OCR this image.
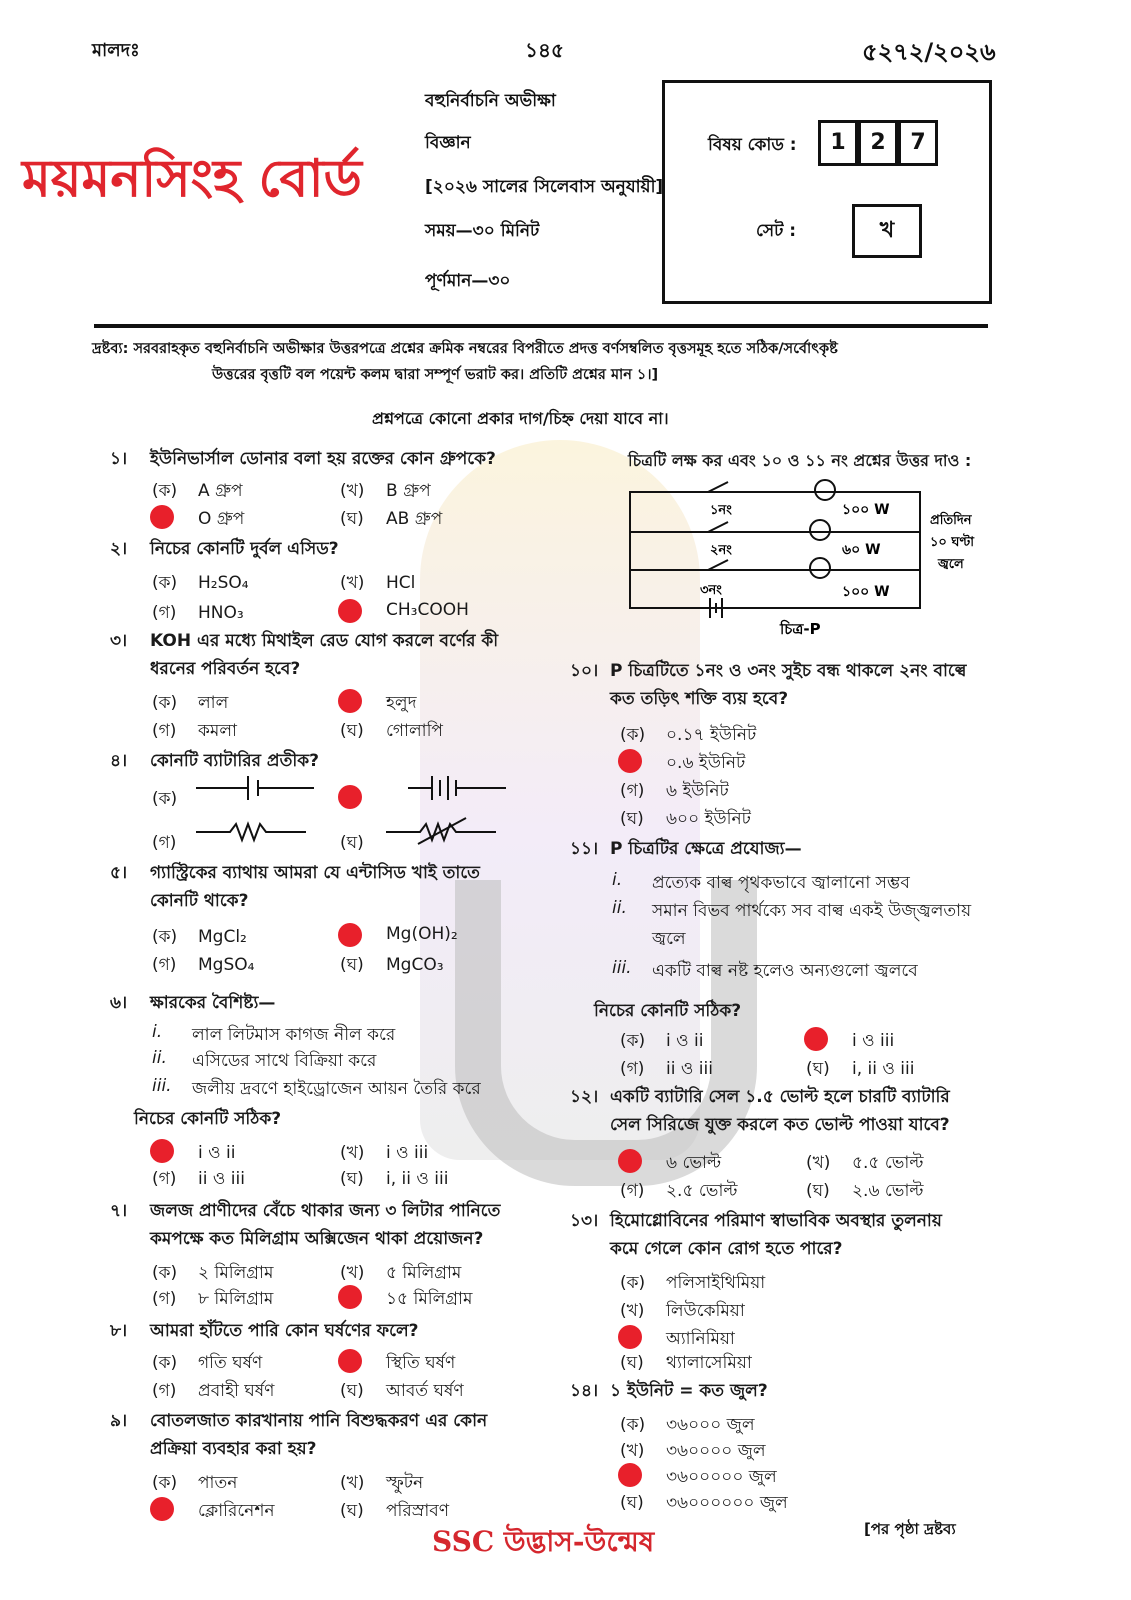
মালদঃ	১৪৫	৫২৭২/২০২৬
ময়মনসিংহ বোর্ড
বহুনির্বাচনি অভীক্ষা
বিজ্ঞান
[২০২৬ সালের সিলেবাস অনুযায়ী]
সময়—৩০ মিনিট
পূর্ণমান—৩০
বিষয় কোড :	1	2	7
সেট :	খ
দ্রষ্টব্য: সরবরাহকৃত বহুনির্বাচনি অভীক্ষার উত্তরপত্রে প্রশ্নের ক্রমিক নম্বরের বিপরীতে প্রদত্ত বর্ণসম্বলিত বৃত্তসমূহ হতে সঠিক/সর্বোৎকৃষ্ট
উত্তরের বৃত্তটি বল পয়েন্ট কলম দ্বারা সম্পূর্ণ ভরাট কর। প্রতিটি প্রশ্নের মান ১।]
প্রশ্নপত্রে কোনো প্রকার দাগ/চিহ্ন দেয়া যাবে না।
চিত্রটি লক্ষ কর এবং ১০ ও ১১ নং প্রশ্নের উত্তর দাও :
১নং
২নং
৩নং
১০০ W
৬০ W
১০০ W
প্রতিদিন
১০ ঘণ্টা
জ্বলে
চিত্র-P
SSC উদ্ভাস-উন্মেষ	[পর পৃষ্ঠা দ্রষ্টব্য
১। ইউনিভার্সাল ডোনার বলা হয় রক্তের কোন গ্রুপকে?
(ক) A গ্রুপ	(খ) B গ্রুপ
O গ্রুপ	(ঘ) AB গ্রুপ
২। নিচের কোনটি দুর্বল এসিড?
(ক) H₂SO₄	(খ) HCl
(গ) HNO₃	CH₃COOH
৩। KOH এর মধ্যে মিথাইল রেড যোগ করলে বর্ণের কী
ধরনের পরিবর্তন হবে?
(ক) লাল	হলুদ
(গ) কমলা	(ঘ) গোলাপি
৪। কোনটি ব্যাটারির প্রতীক?
(ক)
(গ)	(ঘ)
৫। গ্যাস্ট্রিকের ব্যাথায় আমরা যে এন্টাসিড খাই তাতে
কোনটি থাকে?
(ক) MgCl₂	Mg(OH)₂
(গ) MgSO₄	(ঘ) MgCO₃
৬। ক্ষারকের বৈশিষ্ট্য—
i. লাল লিটমাস কাগজ নীল করে
ii. এসিডের সাথে বিক্রিয়া করে
iii. জলীয় দ্রবণে হাইড্রোজেন আয়ন তৈরি করে
নিচের কোনটি সঠিক?
i ও ii	(খ) i ও iii
(গ) ii ও iii	(ঘ) i, ii ও iii
৭। জলজ প্রাণীদের বেঁচে থাকার জন্য ৩ লিটার পানিতে
কমপক্ষে কত মিলিগ্রাম অক্সিজেন থাকা প্রয়োজন?
(ক) ২ মিলিগ্রাম	(খ) ৫ মিলিগ্রাম
(গ) ৮ মিলিগ্রাম	১৫ মিলিগ্রাম
৮। আমরা হাঁটতে পারি কোন ঘর্ষণের ফলে?
(ক) গতি ঘর্ষণ	স্থিতি ঘর্ষণ
(গ) প্রবাহী ঘর্ষণ	(ঘ) আবর্ত ঘর্ষণ
৯। বোতলজাত কারখানায় পানি বিশুদ্ধকরণ এর কোন
প্রক্রিয়া ব্যবহার করা হয়?
(ক) পাতন	(খ) স্ফুটন
ক্লোরিনেশন	(ঘ) পরিস্রাবণ
১০। P চিত্রটিতে ১নং ও ৩নং সুইচ বন্ধ থাকলে ২নং বাল্বে
কত তড়িৎ শক্তি ব্যয় হবে?
(ক) ০.১৭ ইউনিট
০.৬ ইউনিট
(গ) ৬ ইউনিট
(ঘ) ৬০০ ইউনিট
১১। P চিত্রটির ক্ষেত্রে প্রযোজ্য—
i. প্রত্যেক বাল্ব পৃথকভাবে জ্বালানো সম্ভব
ii. সমান বিভব পার্থক্যে সব বাল্ব একই উজ্জ্বলতায়
জ্বলে
iii. একটি বাল্ব নষ্ট হলেও অন্যগুলো জ্বলবে
নিচের কোনটি সঠিক?
(ক) i ও ii	i ও iii
(গ) ii ও iii	(ঘ) i, ii ও iii
১২। একটি ব্যাটারি সেল ১.৫ ভোল্ট হলে চারটি ব্যাটারি
সেল সিরিজে যুক্ত করলে কত ভোল্ট পাওয়া যাবে?
৬ ভোল্ট	(খ) ৫.৫ ভোল্ট
(গ) ২.৫ ভোল্ট	(ঘ) ২.৬ ভোল্ট
১৩। হিমোগ্লোবিনের পরিমাণ স্বাভাবিক অবস্থার তুলনায়
কমে গেলে কোন রোগ হতে পারে?
(ক) পলিসাইথিমিয়া
(খ) লিউকেমিয়া
অ্যানিমিয়া
(ঘ) থ্যালাসেমিয়া
১৪। ১ ইউনিট = কত জুল?
(ক) ৩৬০০০ জুল
(খ) ৩৬০০০০ জুল
৩৬০০০০০ জুল
(ঘ) ৩৬০০০০০০ জুল
